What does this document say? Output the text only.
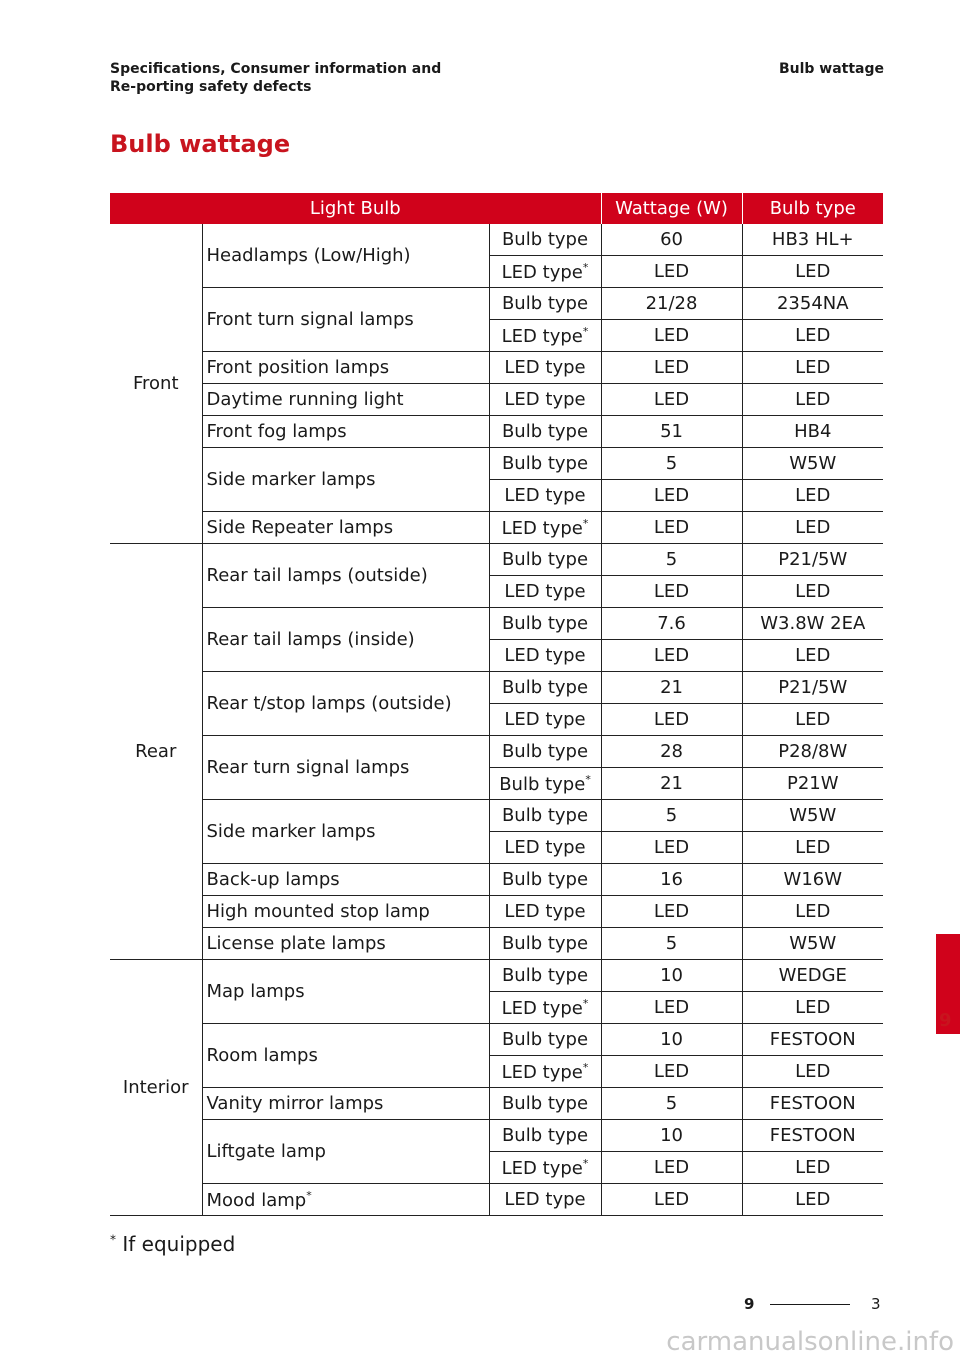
Specifications, Consumer information and Re-porting safety defects
Bulb wattage
Bulb wattage
Light Bulb			Wattage (W)	Bulb type
Front	Headlamps (Low/High)	Bulb type	60	HB3 HL+
		LED type*	LED	LED
	Front turn signal lamps	Bulb type	21/28	2354NA
		LED type*	LED	LED
	Front position lamps	LED type	LED	LED
	Daytime running light	LED type	LED	LED
	Front fog lamps	Bulb type	51	HB4
	Side marker lamps	Bulb type	5	W5W
		LED type	LED	LED
	Side Repeater lamps	LED type*	LED	LED
Rear	Rear tail lamps (outside)	Bulb type	5	P21/5W
		LED type	LED	LED
	Rear tail lamps (inside)	Bulb type	7.6	W3.8W 2EA
		LED type	LED	LED
	Rear t/stop lamps (outside)	Bulb type	21	P21/5W
		LED type	LED	LED
	Rear turn signal lamps	Bulb type	28	P28/8W
		Bulb type*	21	P21W
	Side marker lamps	Bulb type	5	W5W
		LED type	LED	LED
	Back-up lamps	Bulb type	16	W16W
	High mounted stop lamp	LED type	LED	LED
	License plate lamps	Bulb type	5	W5W
Interior	Map lamps	Bulb type	10	WEDGE
		LED type*	LED	LED
	Room lamps	Bulb type	10	FESTOON
		LED type*	LED	LED
	Vanity mirror lamps	Bulb type	5	FESTOON
	Liftgate lamp	Bulb type	10	FESTOON
		LED type*	LED	LED
	Mood lamp*	LED type	LED	LED
* If equipped
9
9	3
carmanualsonline.info
